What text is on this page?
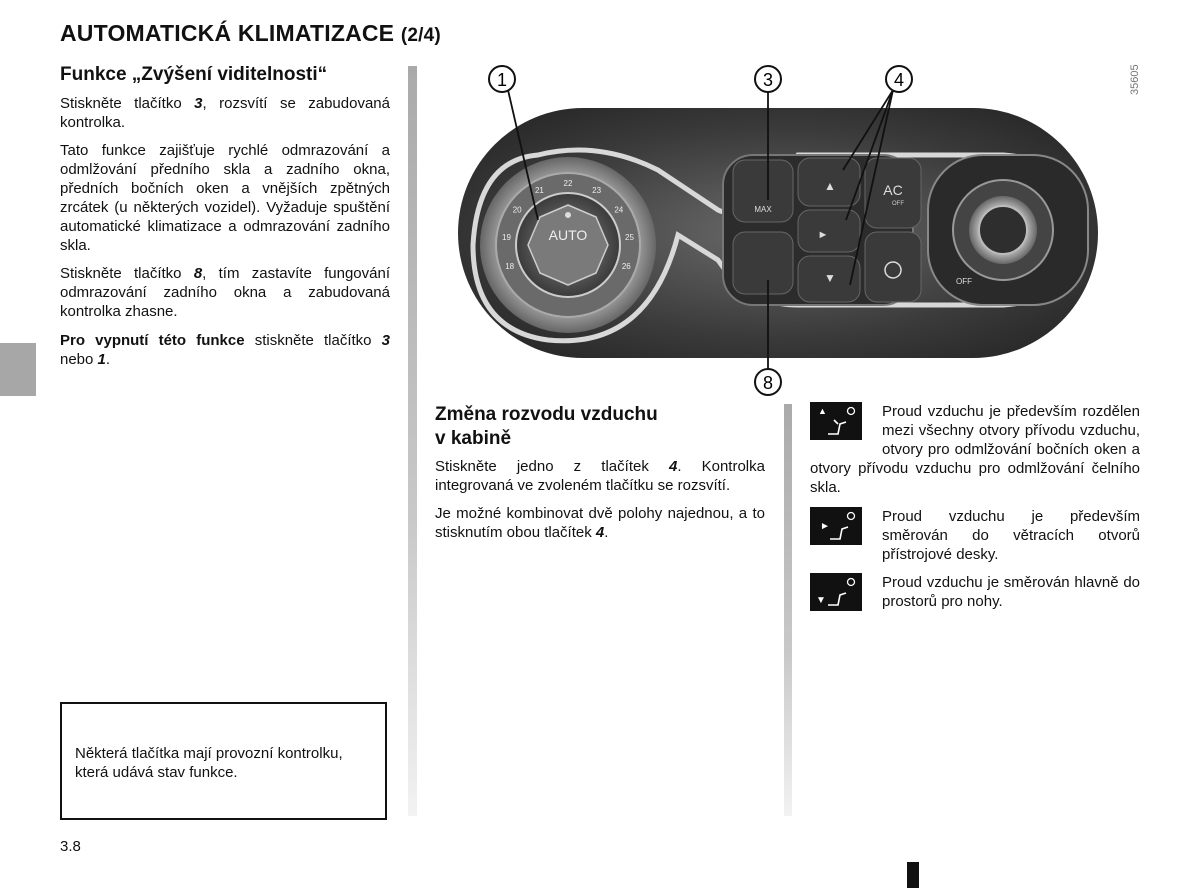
AUTOMATICKÁ KLIMATIZACE (2/4)
Funkce „Zvýšení viditelnosti“
Stiskněte tlačítko 3, rozsvítí se zabudovaná kontrolka.
Tato funkce zajišťuje rychlé odmrazování a odmlžování předního skla a zadního okna, předních bočních oken a vnějších zpětných zrcátek (u některých vozidel). Vyžaduje spuštění automatické klimatizace a odmrazování zadního skla.
Stiskněte tlačítko 8, tím zastavíte fungování odmrazování zadního okna a zabudovaná kontrolka zhasne.
Pro vypnutí této funkce stiskněte tlačítko 3 nebo 1.
Některá tlačítka mají provozní kontrolku, která udává stav funkce.
3.8
AUTO
18
19
20
21
22
23
24
25
26
MAX
AC
OFF
▲
►
▼	OFF
35605
1	3	4
8
Změna rozvodu vzduchu
v kabině
Stiskněte jedno z tlačítek 4. Kontrolka integrovaná ve zvoleném tlačítku se rozsvítí.
Je možné kombinovat dvě polohy najednou, a to stisknutím obou tlačítek 4.
▲	Proud vzduchu je především rozdělen mezi všechny otvory přívodu vzduchu, otvory pro odmlžování bočních oken a otvory přívodu vzduchu pro odmlžování čelního skla.
►
Proud vzduchu je především směrován do větracích otvorů přístrojové desky.
▼
Proud vzduchu je směrován hlavně do prostorů pro nohy.
